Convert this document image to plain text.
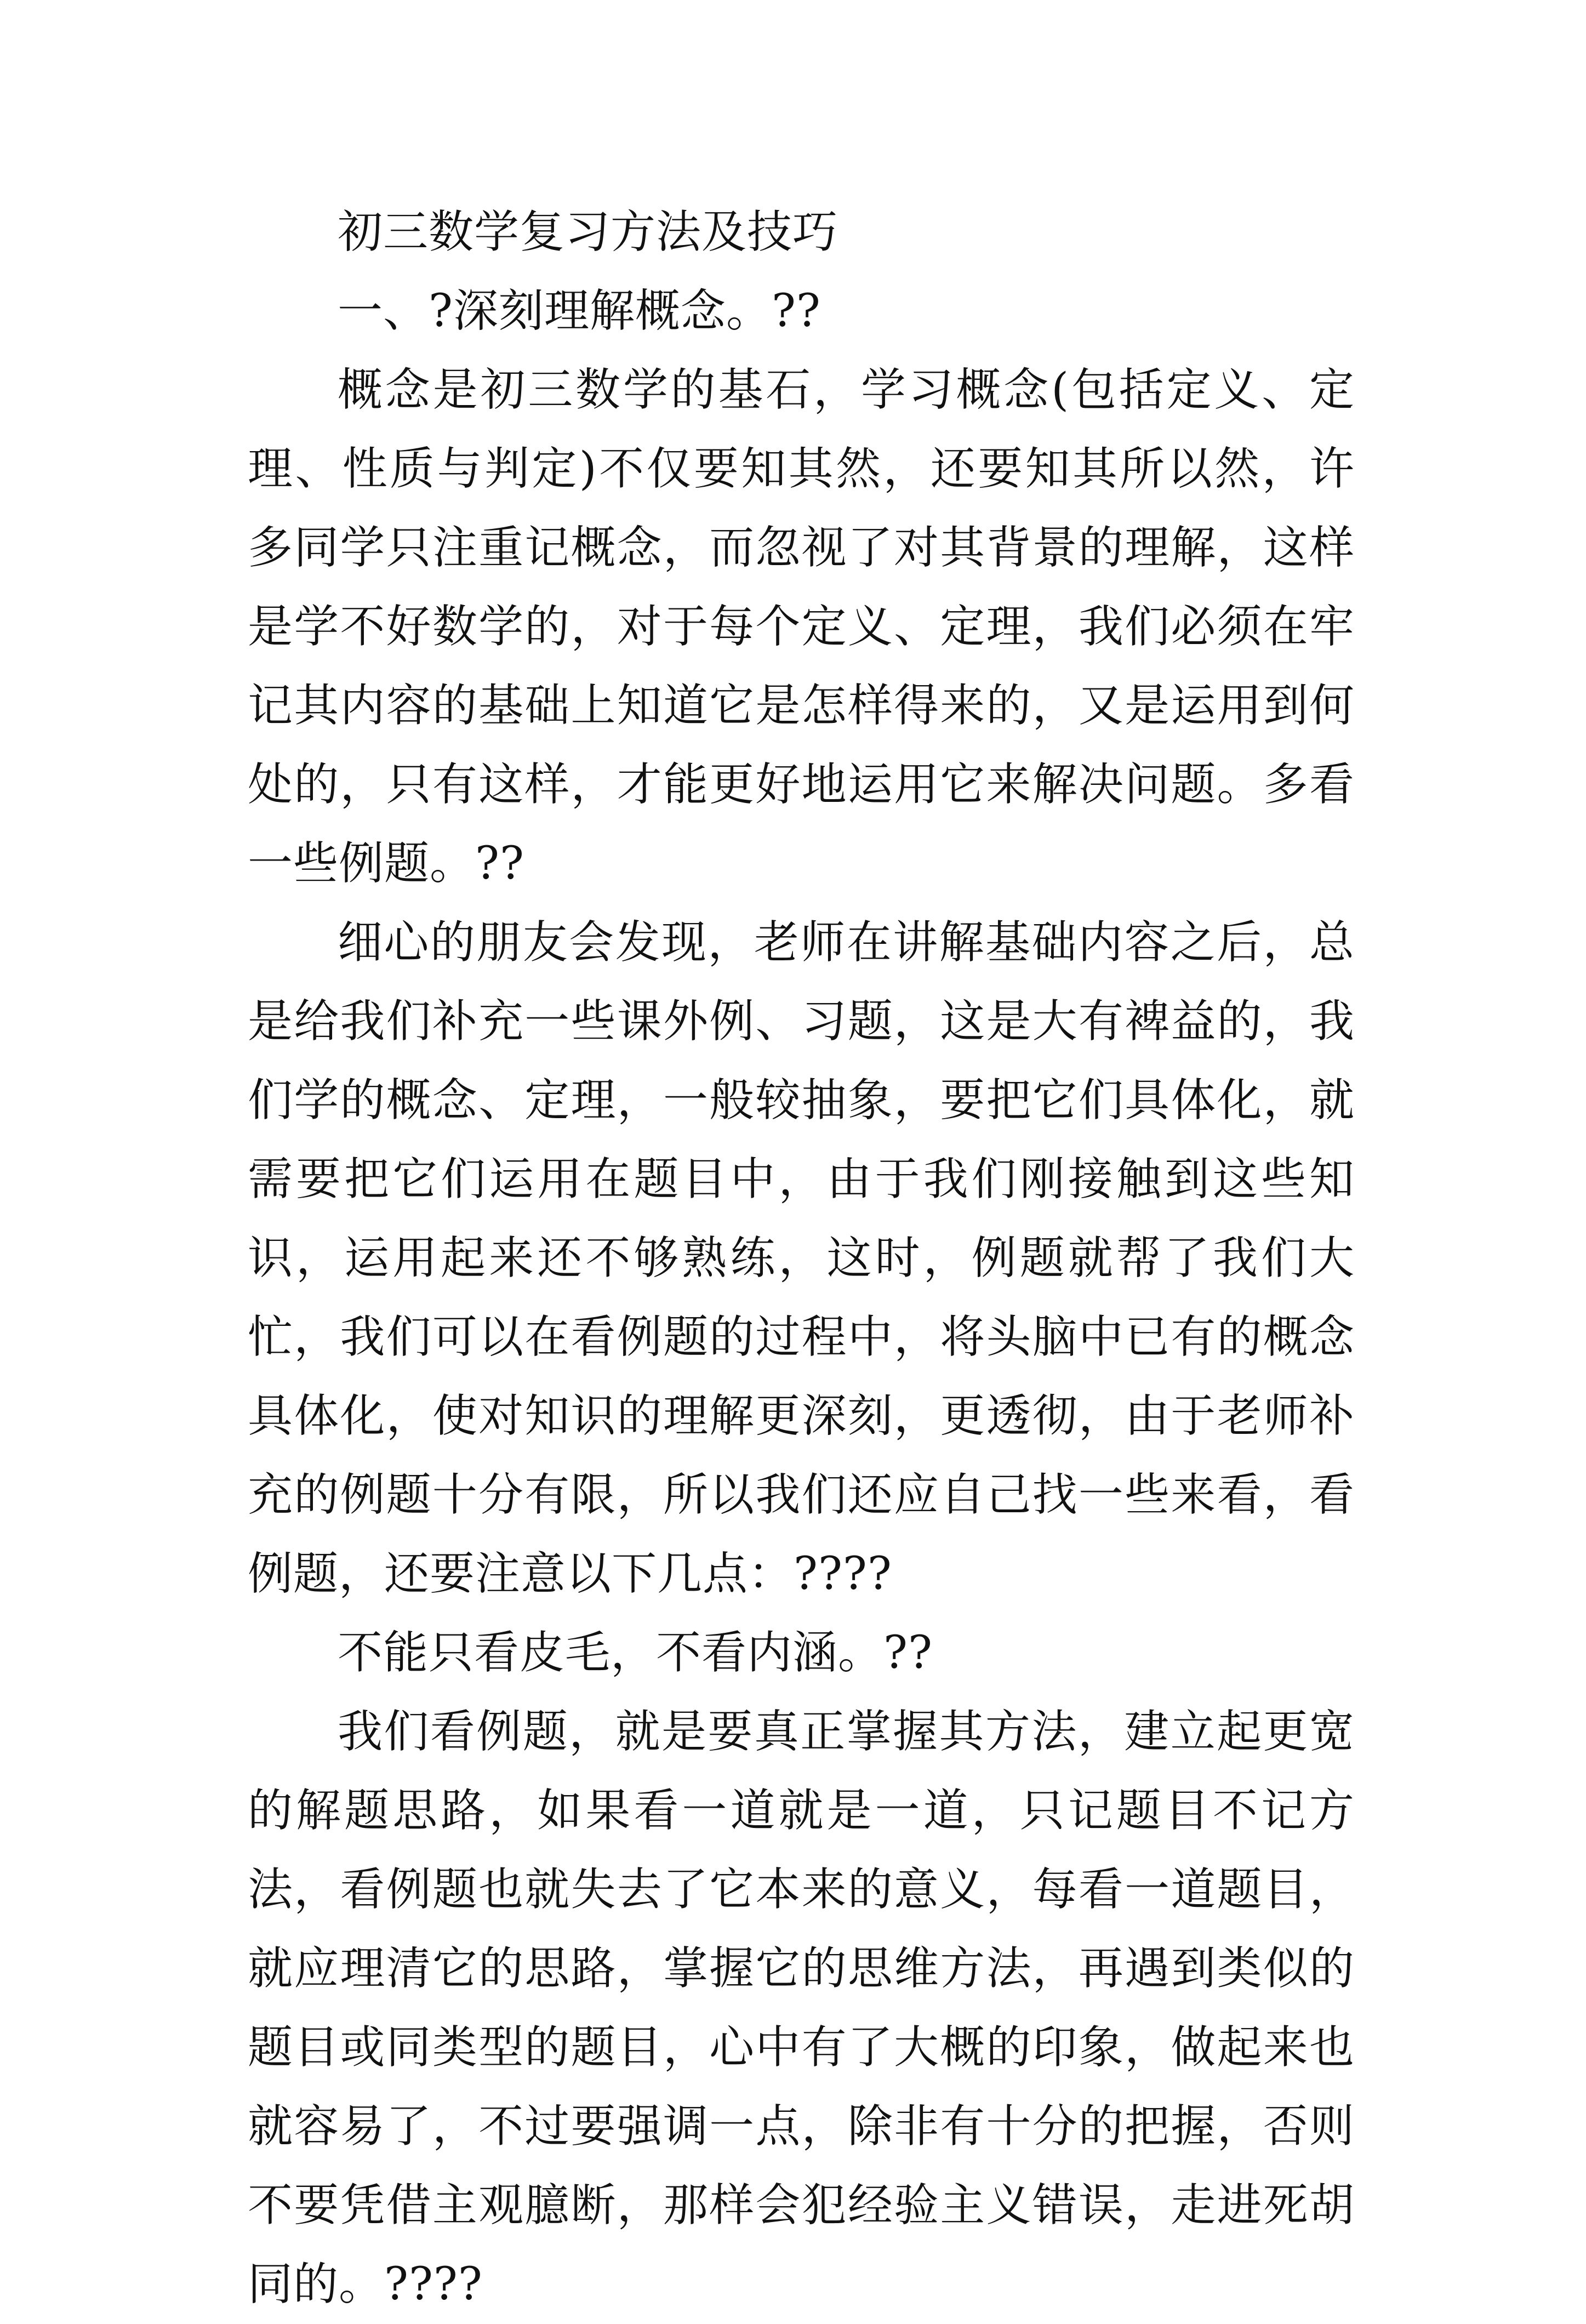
初三数学复习方法及技巧
一、?深刻理解概念。??

概念是初三数学的基石，学习概念(包括定义、定理、性质与判定)不仅要知其然，还要知其所以然，许多同学只注重记概念，而忽视了对其背景的理解，这样是学不好数学的，对于每个定义、定理，我们必须在牢记其内容的基础上知道它是怎样得来的，又是运用到何处的，只有这样，才能更好地运用它来解决问题。多看一些例题。??

细心的朋友会发现，老师在讲解基础内容之后，总是给我们补充一些课外例、习题，这是大有裨益的，我们学的概念、定理，一般较抽象，要把它们具体化，就需要把它们运用在题目中，由于我们刚接触到这些知识，运用起来还不够熟练，这时，例题就帮了我们大忙，我们可以在看例题的过程中，将头脑中已有的概念具体化，使对知识的理解更深刻，更透彻，由于老师补充的例题十分有限，所以我们还应自己找一些来看，看例题，还要注意以下几点：????

不能只看皮毛，不看内涵。??

我们看例题，就是要真正掌握其方法，建立起更宽的解题思路，如果看一道就是一道，只记题目不记方法，看例题也就失去了它本来的意义，每看一道题目，就应理清它的思路，掌握它的思维方法，再遇到类似的题目或同类型的题目，心中有了大概的印象，做起来也就容易了，不过要强调一点，除非有十分的把握，否则不要凭借主观臆断，那样会犯经验主义错误，走进死胡同的。????
